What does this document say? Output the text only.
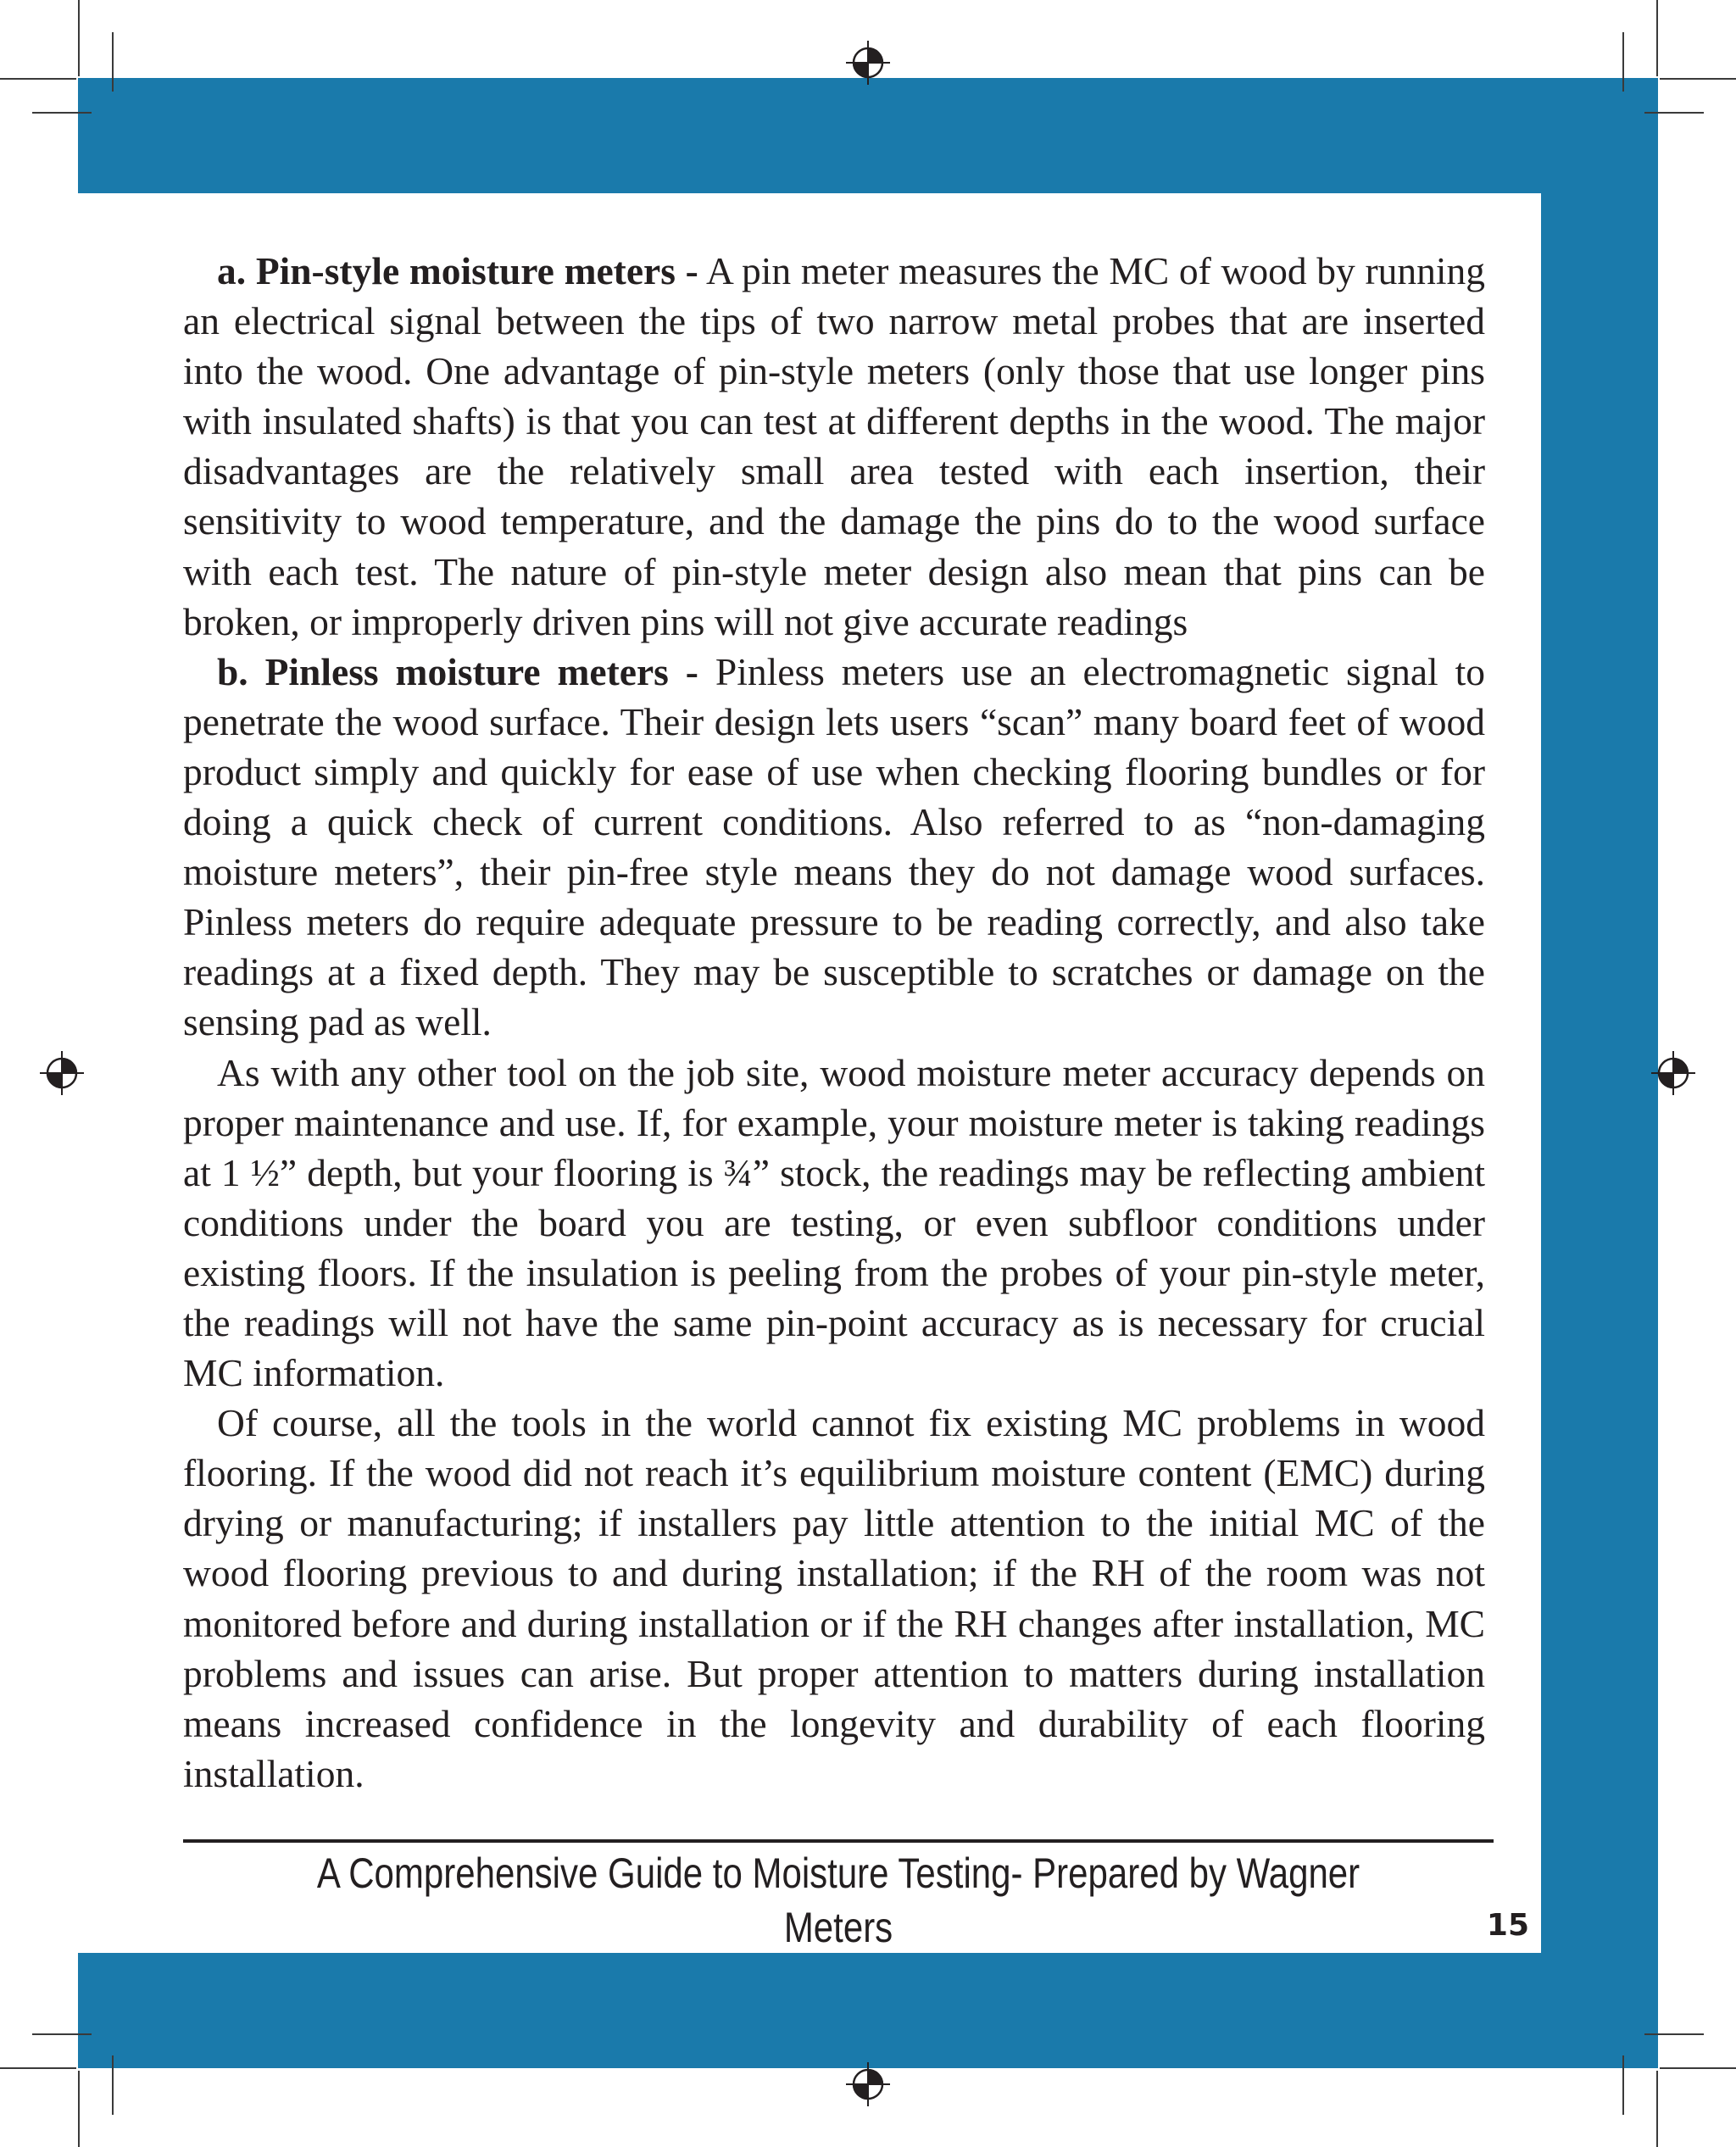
a. Pin-style moisture meters - A pin meter measures the MC of wood by running an electrical signal between the tips of two narrow metal probes that are inserted into the wood. One advantage of pin-style meters (only those that use longer pins with insulated shafts) is that you can test at different depths in the wood. The major disadvantages are the relatively small area tested with each insertion, their sensitivity to wood temperature, and the damage the pins do to the wood surface with each test. The nature of pin-style meter design also mean that pins can be broken, or improperly driven pins will not give accurate readings

b. Pinless moisture meters - Pinless meters use an electromagnetic signal to penetrate the wood surface. Their design lets users “scan” many board feet of wood product simply and quickly for ease of use when checking flooring bundles or for doing a quick check of current conditions. Also referred to as “non-damaging moisture meters”, their pin-free style means they do not damage wood surfaces. Pinless meters do require adequate pressure to be reading correctly, and also take readings at a fixed depth. They may be susceptible to scratches or damage on the sensing pad as well.

As with any other tool on the job site, wood moisture meter accuracy depends on proper maintenance and use. If, for example, your moisture meter is taking readings at 1 ½” depth, but your flooring is ¾” stock, the readings may be reflecting ambient conditions under the board you are testing, or even subfloor conditions under existing floors. If the insulation is peeling from the probes of your pin-style meter, the readings will not have the same pin-point accuracy as is necessary for crucial MC information.

Of course, all the tools in the world cannot fix existing MC problems in wood flooring. If the wood did not reach it’s equilibrium moisture content (EMC) during drying or manufacturing; if installers pay little attention to the initial MC of the wood flooring previous to and during installation; if the RH of the room was not monitored before and during installation or if the RH changes after installation, MC problems and issues can arise. But proper attention to matters during installation means increased confidence in the longevity and durability of each flooring installation.

A Comprehensive Guide to Moisture Testing- Prepared by Wagner Meters	15
